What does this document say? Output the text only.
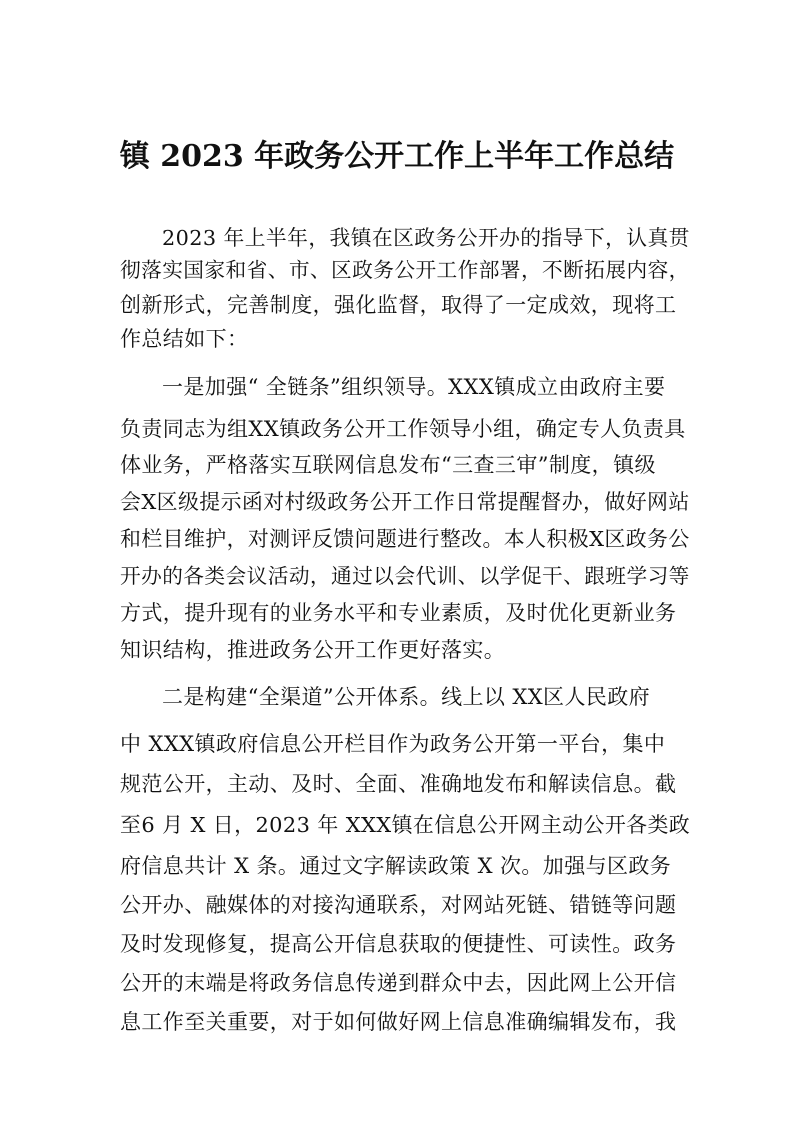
镇 2023 年政务公开工作上半年工作总结
2023 年上半年，我镇在区政务公开办的指导下，认真贯
彻落实国家和省、市、区政务公开工作部署，不断拓展内容，
创新形式，完善制度，强化监督，取得了一定成效，现将工
作总结如下：
一是加强“ 全链条”组织领导。XXX镇成立由政府主要
负责同志为组XX镇政务公开工作领导小组，确定专人负责具
体业务，严格落实互联网信息发布“三查三审”制度，镇级
会X区级提示函对村级政务公开工作日常提醒督办，做好网站
和栏目维护，对测评反馈问题进行整改。本人积极X区政务公
开办的各类会议活动，通过以会代训、以学促干、跟班学习等
方式，提升现有的业务水平和专业素质，及时优化更新业务
知识结构，推进政务公开工作更好落实。
二是构建“全渠道”公开体系。线上以 XX区人民政府
中 XXX镇政府信息公开栏目作为政务公开第一平台，集中
规范公开，主动、及时、全面、准确地发布和解读信息。截
至6 月 X 日，2023 年 XXX镇在信息公开网主动公开各类政
府信息共计 X 条。通过文字解读政策 X 次。加强与区政务
公开办、融媒体的对接沟通联系，对网站死链、错链等问题
及时发现修复，提高公开信息获取的便捷性、可读性。政务
公开的末端是将政务信息传递到群众中去，因此网上公开信
息工作至关重要，对于如何做好网上信息准确编辑发布，我
